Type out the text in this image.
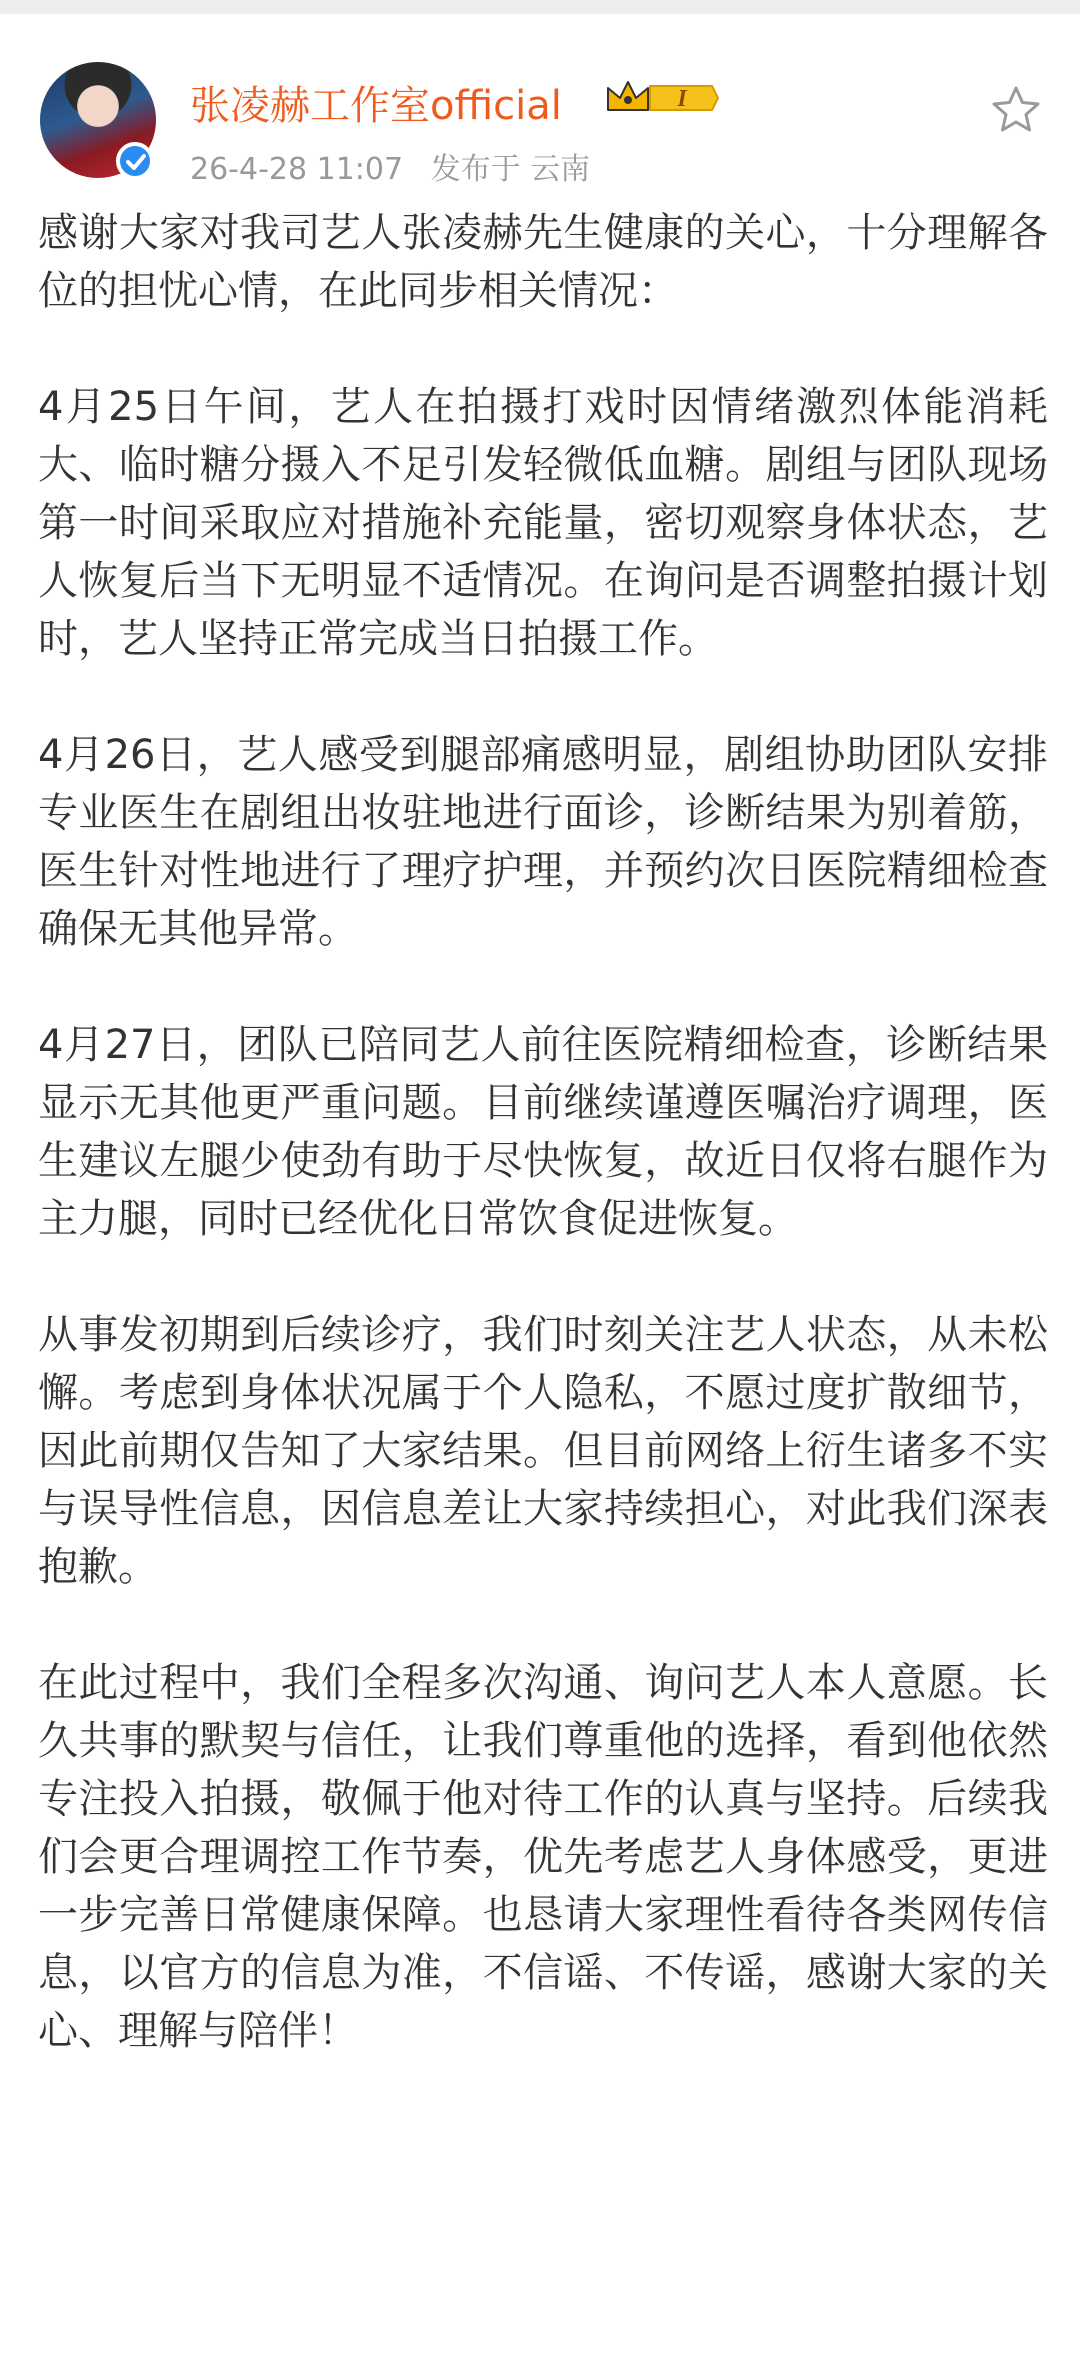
张凌赫工作室official	I
26-4-28 11:07 发布于 云南

感谢大家对我司艺人张凌赫先生健康的关心，十分理解各位的担忧心情，在此同步相关情况：

4月25日午间，艺人在拍摄打戏时因情绪激烈体能消耗大、临时糖分摄入不足引发轻微低血糖。剧组与团队现场第一时间采取应对措施补充能量，密切观察身体状态，艺人恢复后当下无明显不适情况。在询问是否调整拍摄计划时，艺人坚持正常完成当日拍摄工作。

4月26日，艺人感受到腿部痛感明显，剧组协助团队安排专业医生在剧组出妆驻地进行面诊，诊断结果为别着筋，医生针对性地进行了理疗护理，并预约次日医院精细检查确保无其他异常。

4月27日，团队已陪同艺人前往医院精细检查，诊断结果显示无其他更严重问题。目前继续谨遵医嘱治疗调理，医生建议左腿少使劲有助于尽快恢复，故近日仅将右腿作为主力腿，同时已经优化日常饮食促进恢复。

从事发初期到后续诊疗，我们时刻关注艺人状态，从未松懈。考虑到身体状况属于个人隐私，不愿过度扩散细节，因此前期仅告知了大家结果。但目前网络上衍生诸多不实与误导性信息，因信息差让大家持续担心，对此我们深表抱歉。

在此过程中，我们全程多次沟通、询问艺人本人意愿。长久共事的默契与信任，让我们尊重他的选择，看到他依然专注投入拍摄，敬佩于他对待工作的认真与坚持。后续我们会更合理调控工作节奏，优先考虑艺人身体感受，更进一步完善日常健康保障。也恳请大家理性看待各类网传信息，以官方的信息为准，不信谣、不传谣，感谢大家的关心、理解与陪伴！
